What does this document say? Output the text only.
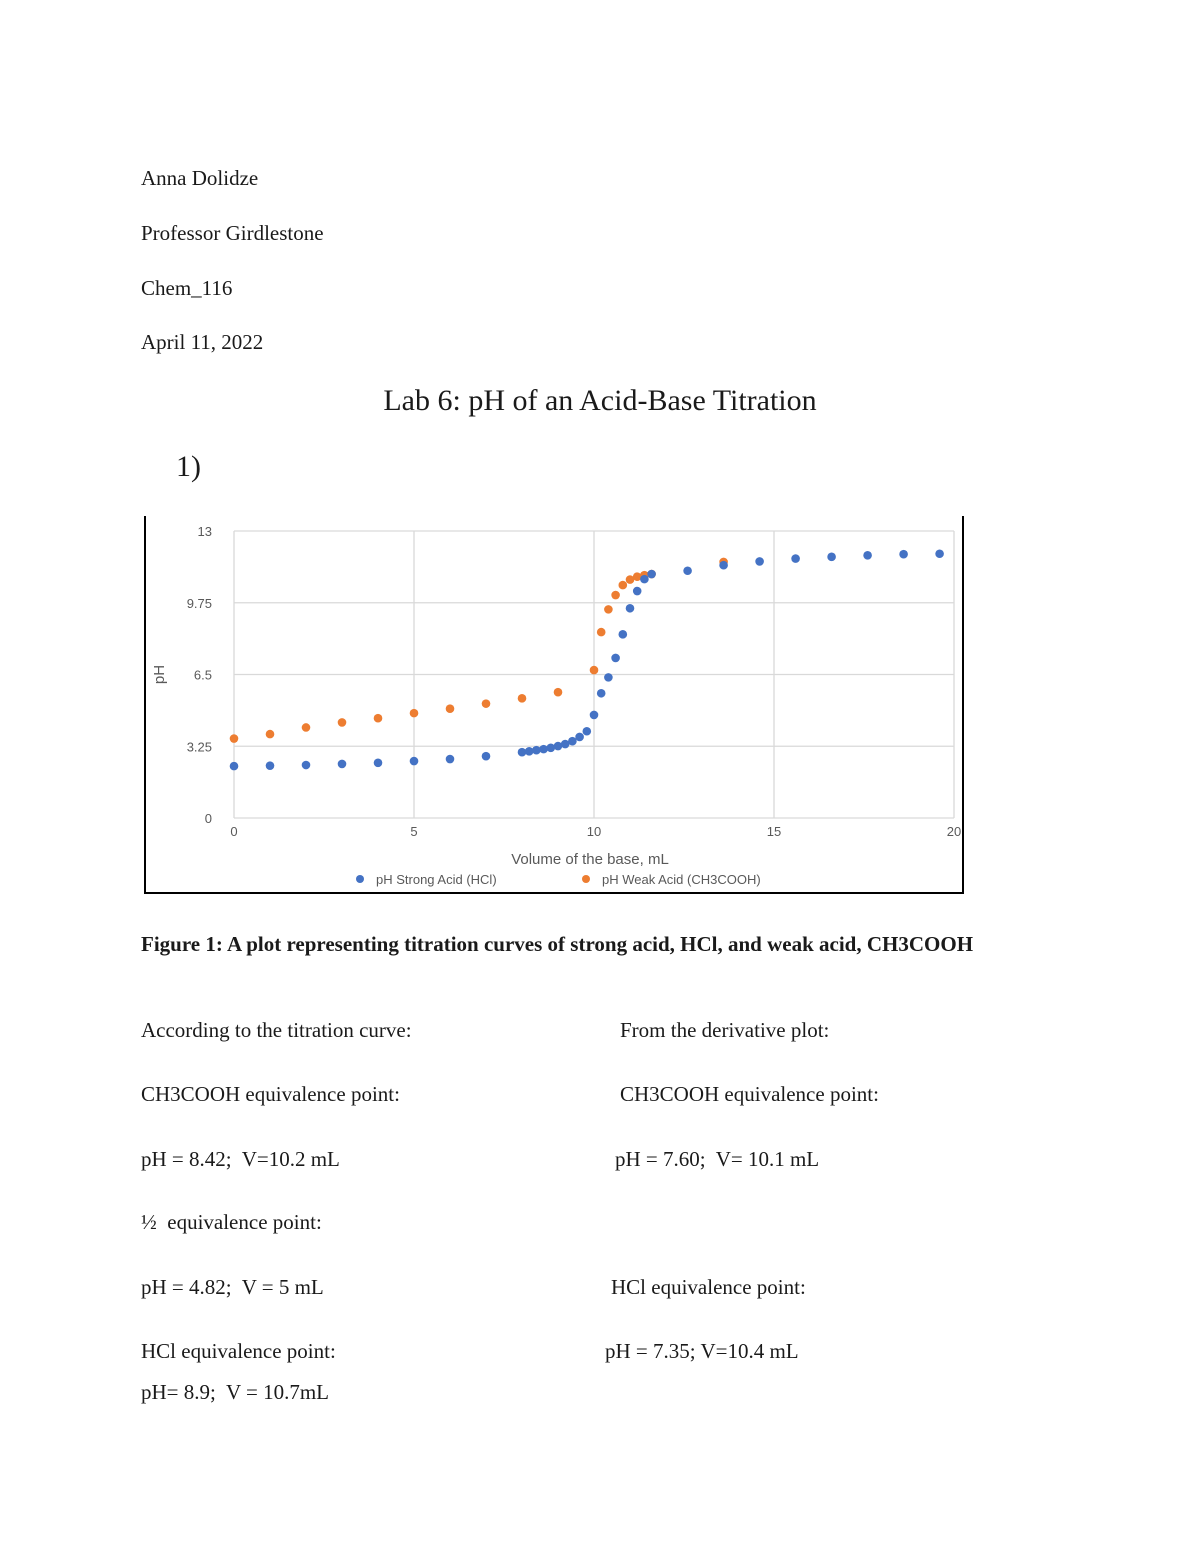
Anna Dolidze
Professor Girdlestone
Chem_116
April 11, 2022
Lab 6: pH of an Acid-Base Titration
1)
0
3.25
6.5
9.75
13
0	5	10	15	20
Volume of the base, mL
pH
pH Strong Acid (HCl)	pH Weak Acid (CH3COOH)
Figure 1: A plot representing titration curves of strong acid, HCl, and weak acid, CH3COOH
According to the titration curve:
CH3COOH equivalence point:
pH = 8.42;  V=10.2 mL
½  equivalence point:
pH = 4.82;  V = 5 mL
HCl equivalence point:
pH= 8.9;  V = 10.7mL
From the derivative plot:
CH3COOH equivalence point:
pH = 7.60;  V= 10.1 mL
HCl equivalence point:
pH = 7.35; V=10.4 mL
